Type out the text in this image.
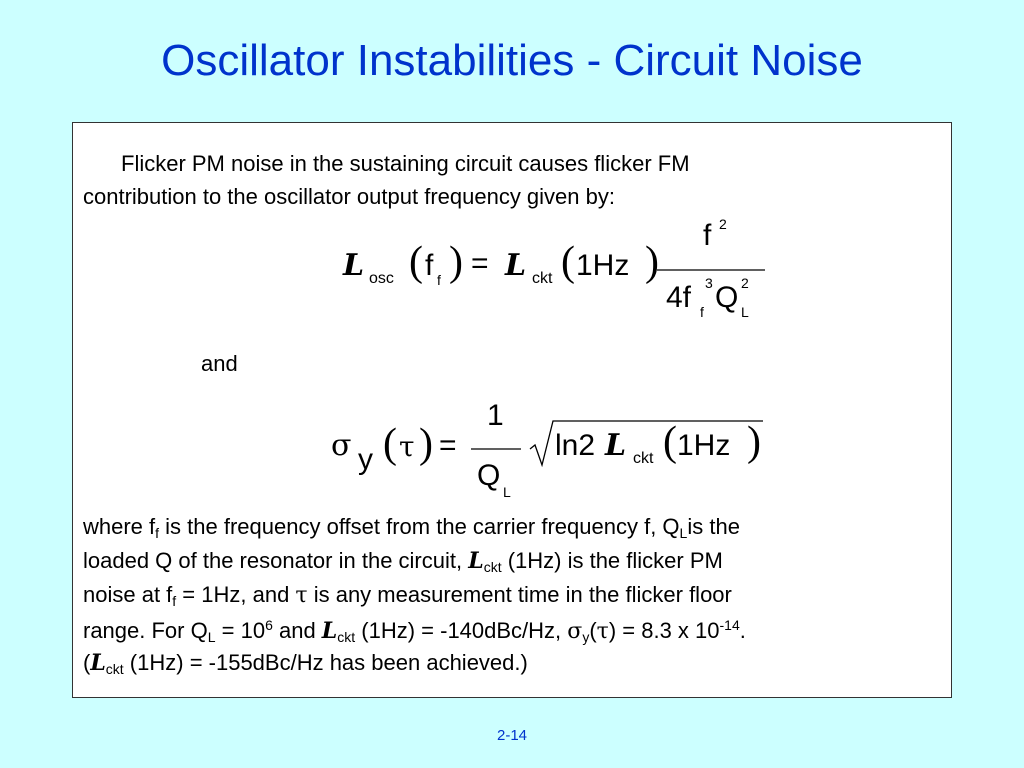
Oscillator Instabilities - Circuit Noise
Flicker PM noise in the sustaining circuit causes flicker FM
contribution to the oscillator output frequency given by:
L osc ( f f ) = L ckt ( 1Hz )
f 2
4f 3
f Q 2
L
and
σ y ( τ ) =
1
Q L
ln2 L ckt ( 1Hz )
where $f_f$ is the frequency offset from the carrier frequency f, $Q_Lis$ the
loaded Q of the resonator in the circuit, $L_{ckt}$ (1Hz) is the flicker PM
noise at $f_f = 1Hz$, and τ is any measurement time in the flicker floor
range. For $Q_L = 10^6$ and $L_{ckt}$ (1Hz) = -140dBc/Hz, $\sigma_y(\tau) = 8.3$ x $10^{-14}$.
($L_{ckt}$ (1Hz) = -155dBc/Hz has been achieved.)
2-14
